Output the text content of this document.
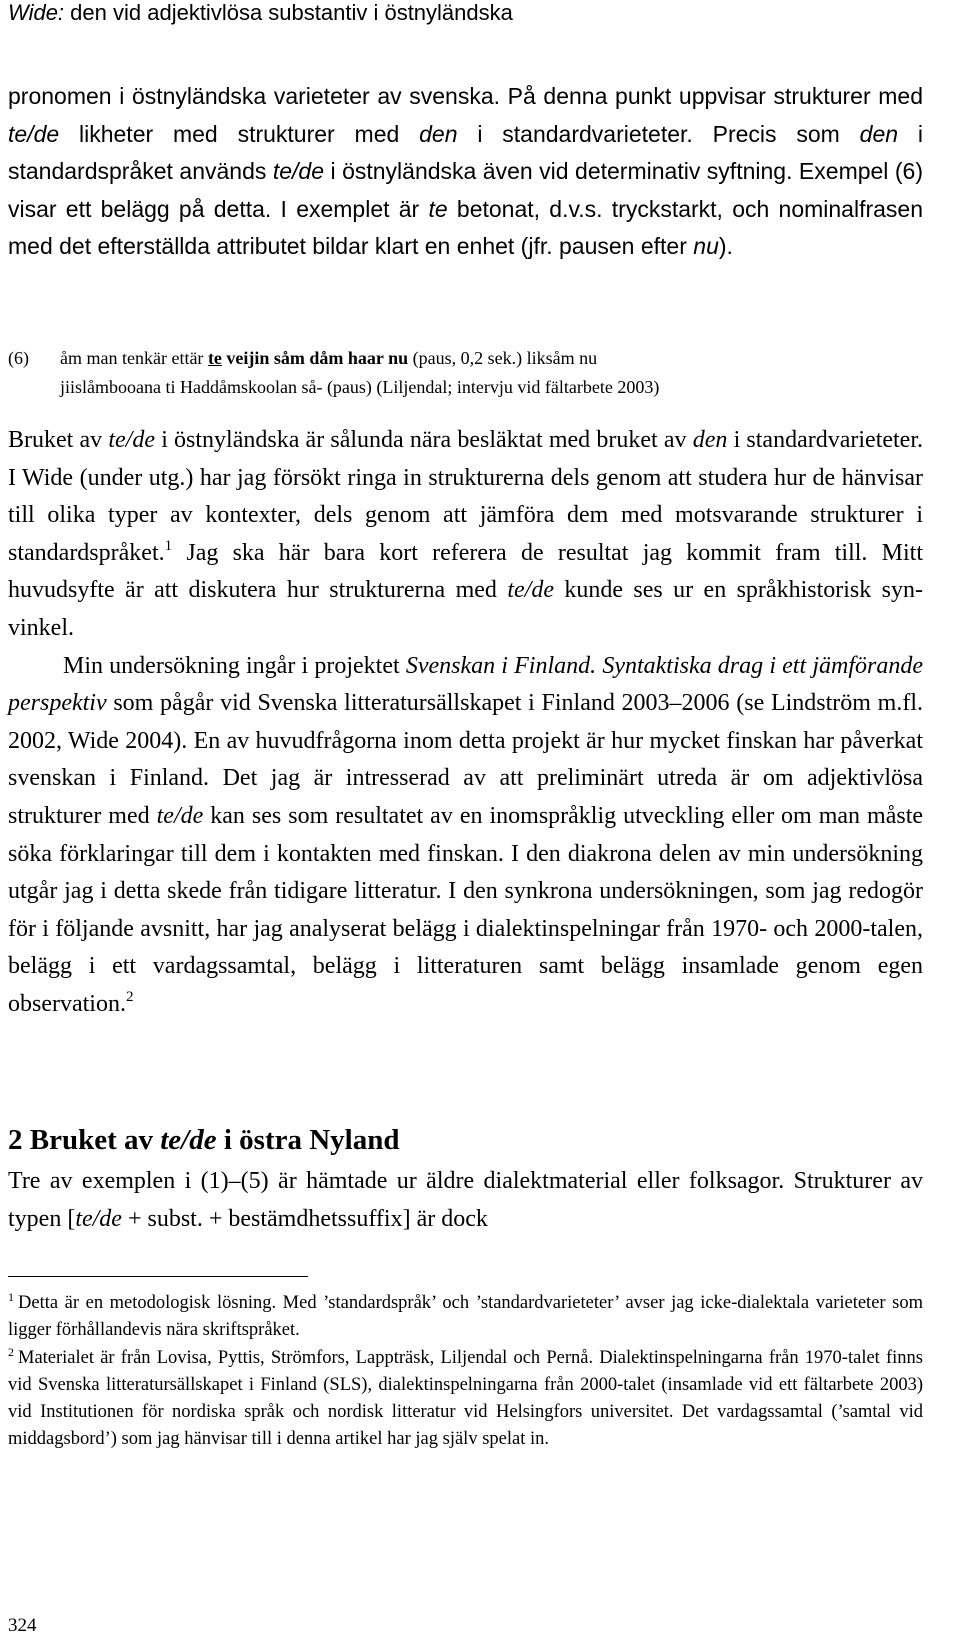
Wide: den vid adjektivlösa substantiv i östnyländska
pronomen i östnyländska varieteter av svenska. På denna punkt uppvisar strukturer med te/de likheter med strukturer med den i standardvarieteter. Precis som den i standardspråket används te/de i östnyländska även vid determinativ syftning. Exempel (6) visar ett belägg på detta. I exemplet är te betonat, d.v.s. tryckstarkt, och nominalfrasen med det efterställda attributet bildar klart en enhet (jfr. pausen efter nu).
(6) åm man tenkär ettär te veijin såm dåm haar nu (paus, 0,2 sek.) liksåm nu
jiislåmbooana ti Haddåmskoolan så- (paus) (Liljendal; intervju vid fältarbete 2003)

Bruket av te/de i östnyländska är sålunda nära besläktat med bruket av den i standardvarieteter. I Wide (under utg.) har jag försökt ringa in strukturerna dels genom att studera hur de hänvisar till olika typer av kontexter, dels genom att jämföra dem med motsvarande strukturer i standardspråket.$^1$ Jag ska här bara kort referera de resultat jag kommit fram till. Mitt huvudsyfte är att diskutera hur strukturerna med te/de kunde ses ur en språkhistorisk synvinkel.

Min undersökning ingår i projektet Svenskan i Finland. Syntaktiska drag i ett jämförande perspektiv som pågår vid Svenska litteratursällskapet i Finland 2003–2006 (se Lindström m.fl. 2002, Wide 2004). En av huvudfrågorna inom detta projekt är hur mycket finskan har påverkat svenskan i Finland. Det jag är intresserad av att preliminärt utreda är om adjektivlösa strukturer med te/de kan ses som resultatet av en inomspråklig utveckling eller om man måste söka förklaringar till dem i kontakten med finskan. I den diakrona delen av min undersökning utgår jag i detta skede från tidigare litteratur. I den synkrona undersökningen, som jag redogör för i följande avsnitt, har jag analyserat belägg i dialektinspelningar från 1970- och 2000-talen, belägg i ett vardagssamtal, belägg i litteraturen samt belägg insamlade genom egen observation.$^2$

2 Bruket av te/de i östra Nyland
Tre av exemplen i (1)–(5) är hämtade ur äldre dialektmaterial eller folksagor. Strukturer av typen [te/de + subst. + bestämdhetssuffix] är dock

$^1$ Detta är en metodologisk lösning. Med ’standardspråk’ och ’standardvarieteter’ avser jag icke-dialektala varieteter som ligger förhållandevis nära skriftspråket.

$^2$ Materialet är från Lovisa, Pyttis, Strömfors, Lappträsk, Liljendal och Pernå. Dialektinspelningarna från 1970-talet finns vid Svenska litteratursällskapet i Finland (SLS), dialektinspelningarna från 2000-talet (insamlade vid ett fältarbete 2003) vid Institutionen för nordiska språk och nordisk litteratur vid Helsingfors universitet. Det vardagssamtal (’samtal vid middagsbord’) som jag hänvisar till i denna artikel har jag själv spelat in.

324
